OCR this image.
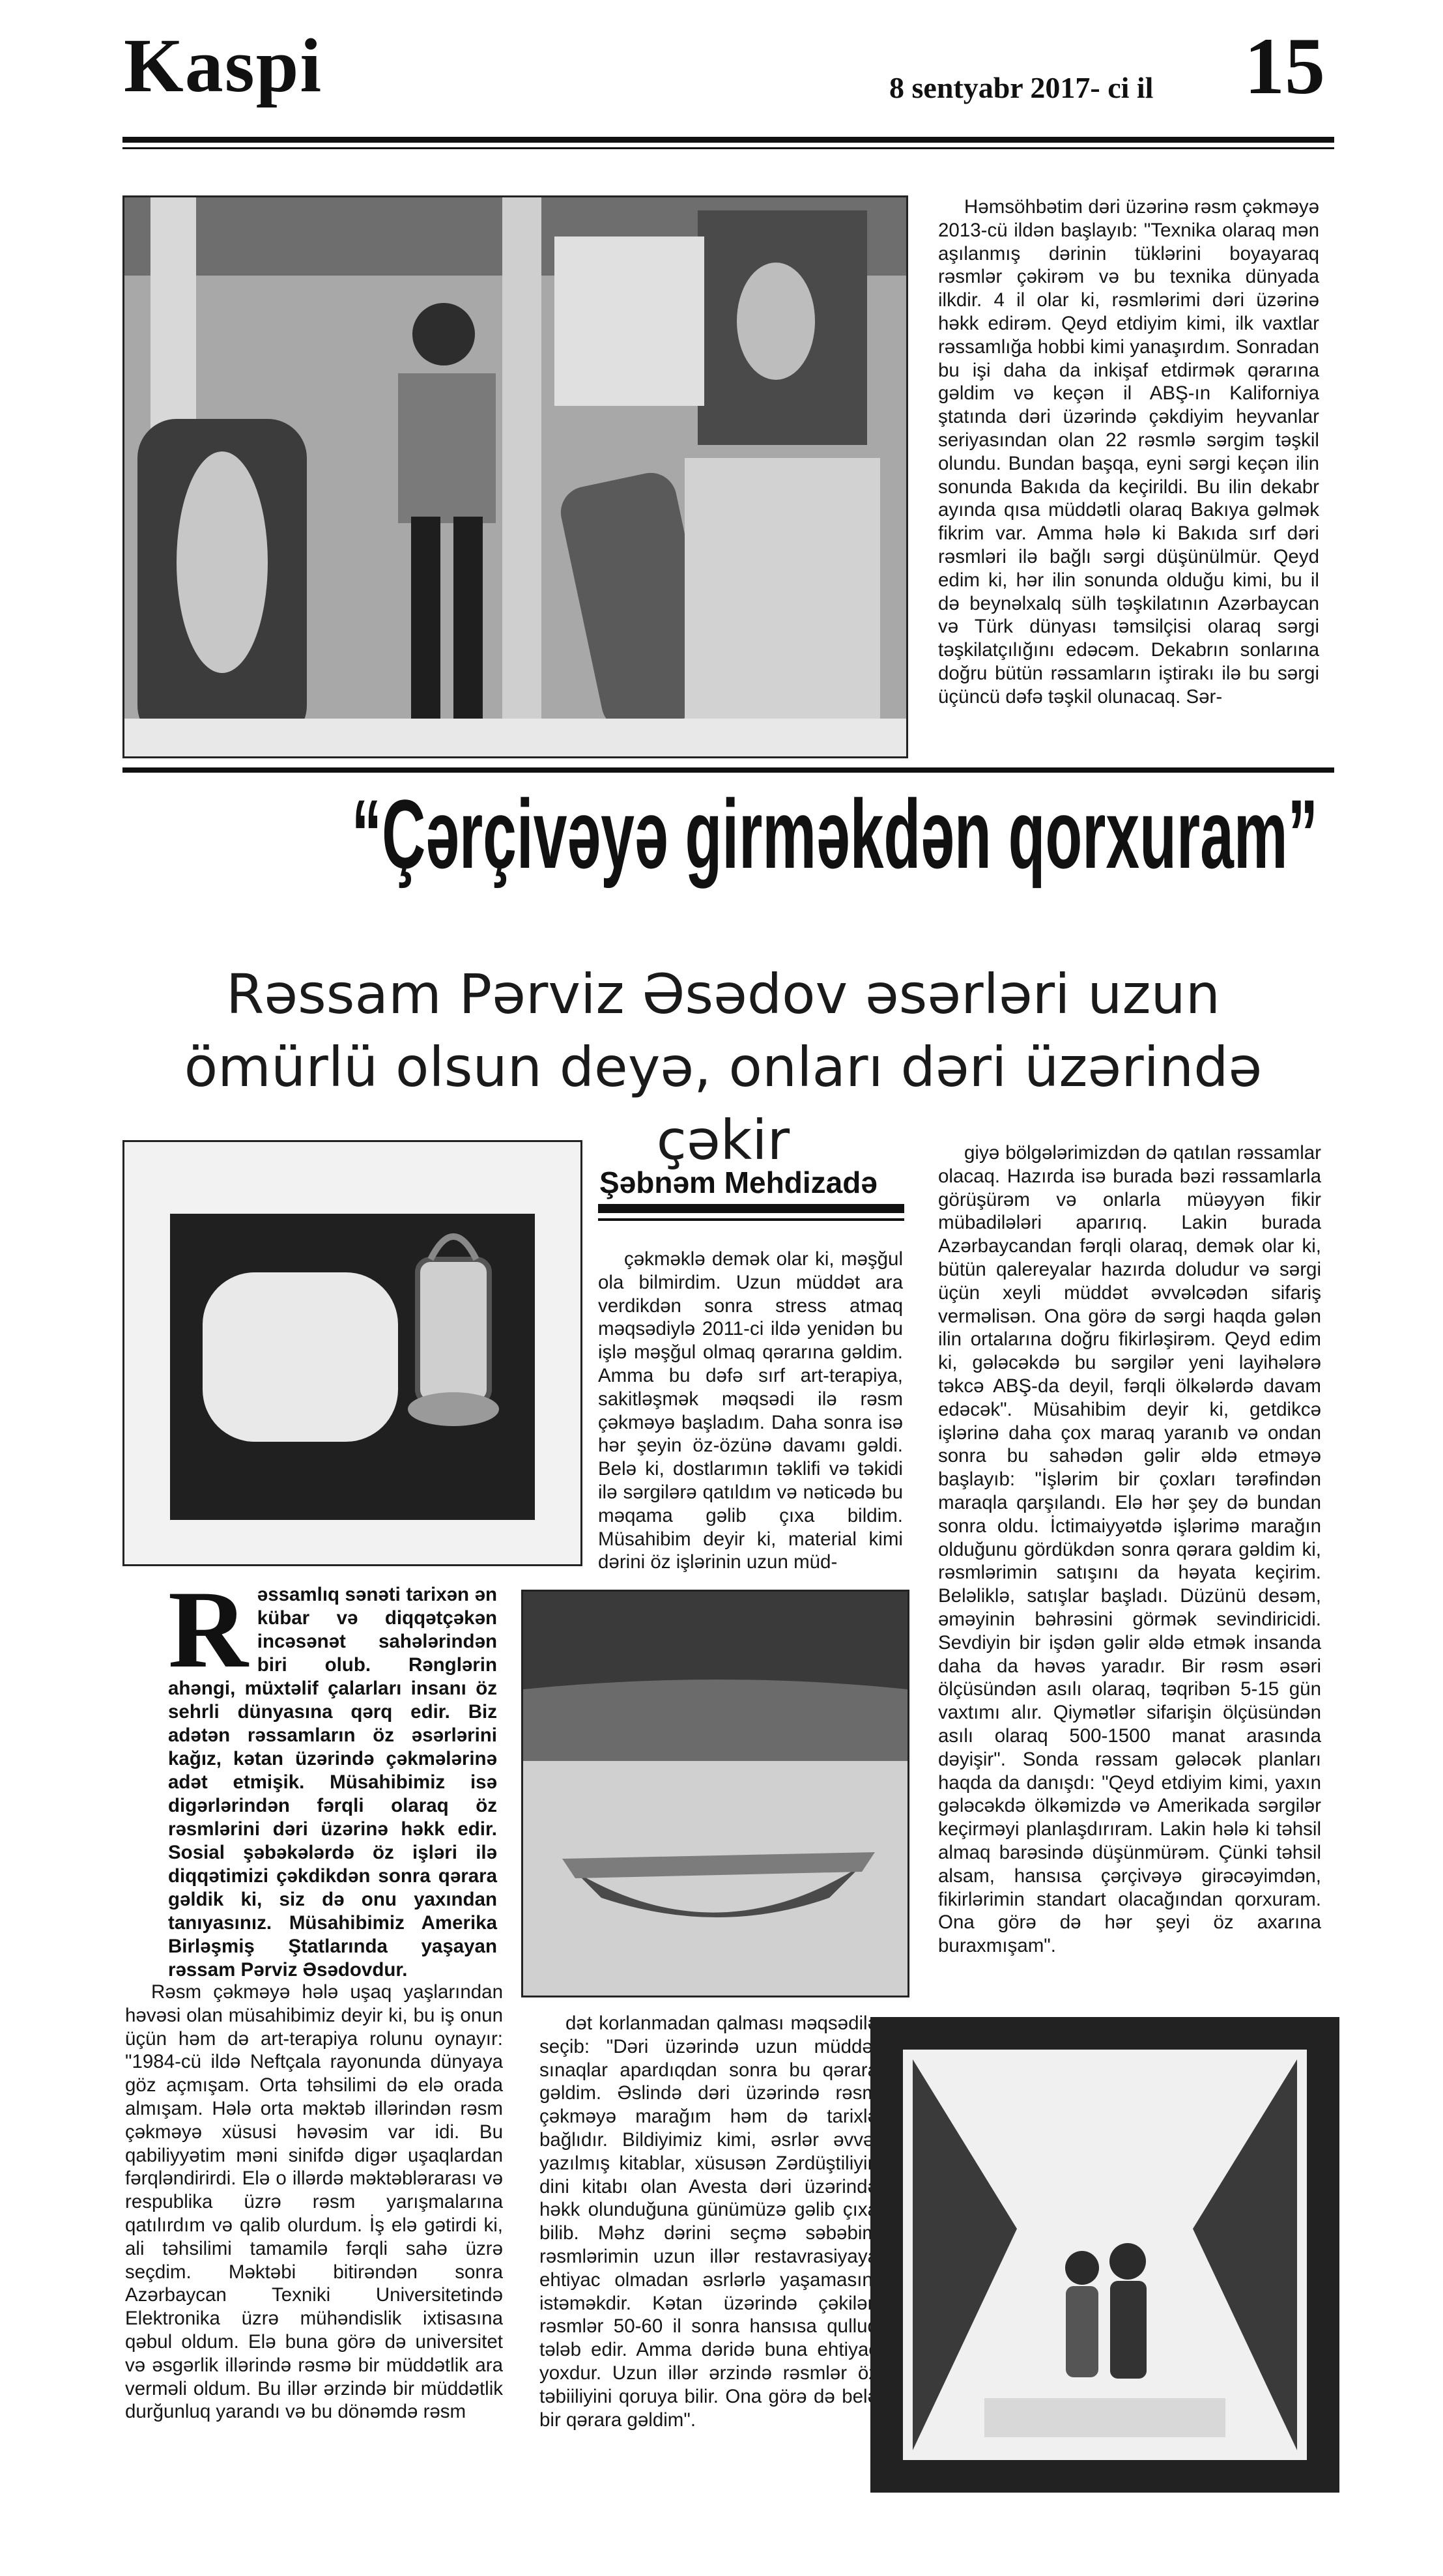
Kaspi	8 sentyabr 2017- ci il 15

Həmsöhbətim dəri üzərinə rəsm çəkməyə 2013-cü ildən başlayıb: "Texnika olaraq mən aşılanmış dərinin tüklərini boyayaraq rəsmlər çəkirəm və bu texnika dünyada ilkdir. 4 il olar ki, rəsmlərimi dəri üzərinə həkk edirəm. Qeyd etdiyim kimi, ilk vaxtlar rəssamlığa hobbi kimi yanaşırdım. Sonradan bu işi daha da inkişaf etdirmək qərarına gəldim və keçən il ABŞ-ın Kaliforniya ştatında dəri üzərində çəkdiyim heyvanlar seriyasından olan 22 rəsmlə sərgim təşkil olundu. Bundan başqa, eyni sərgi keçən ilin sonunda Bakıda da keçirildi. Bu ilin dekabr ayında qısa müddətli olaraq Bakıya gəlmək fikrim var. Amma hələ ki Bakıda sırf dəri rəsmləri ilə bağlı sərgi düşünülmür. Qeyd edim ki, hər ilin sonunda olduğu kimi, bu il də beynəlxalq sülh təşkilatının Azərbaycan və Türk dünyası təmsilçisi olaraq sərgi təşkilatçılığını edəcəm. Dekabrın sonlarına doğru bütün rəssamların iştirakı ilə bu sərgi üçüncü dəfə təşkil olunacaq. Sər-

“Çərçivəyə girməkdən qorxuram”
Rəssam Pərviz Əsədov əsərləri uzun ömürlü olsun deyə, onları dəri üzərində çəkir
Şəbnəm Mehdizadə

çəkməklə demək olar ki, məşğul ola bilmirdim. Uzun müddət ara verdikdən sonra stress atmaq məqsədiylə 2011-ci ildə yenidən bu işlə məşğul olmaq qərarına gəldim. Amma bu dəfə sırf art-terapiya, sakitləşmək məqsədi ilə rəsm çəkməyə başladım. Daha sonra isə hər şeyin öz-özünə davamı gəldi. Belə ki, dostlarımın təklifi və təkidi ilə sərgilərə qatıldım və nəticədə bu məqama gəlib çıxa bildim. Müsahibim deyir ki, material kimi dərini öz işlərinin uzun müd-

R əssamlıq sənəti tarixən ən kübar və diqqətçəkən incəsənət sahələrindən biri olub. Rənglərin ahəngi, müxtəlif çalarları insanı öz sehrli dünyasına qərq edir. Biz adətən rəssamların öz əsərlərini kağız, kətan üzərində çəkmələrinə adət etmişik. Müsahibimiz isə digərlərindən fərqli olaraq öz rəsmlərini dəri üzərinə həkk edir. Sosial şəbəkələrdə öz işləri ilə diqqətimizi çəkdikdən sonra qərara gəldik ki, siz də onu yaxından tanıyasınız. Müsahibimiz Amerika Birləşmiş Ştatlarında yaşayan rəssam Pərviz Əsədovdur.

giyə bölgələrimizdən də qatılan rəssamlar olacaq. Hazırda isə burada bəzi rəssamlarla görüşürəm və onlarla müəyyən fikir mübadilələri aparırıq. Lakin burada Azərbaycandan fərqli olaraq, demək olar ki, bütün qalereyalar hazırda doludur və sərgi üçün xeyli müddət əvvəlcədən sifariş verməlisən. Ona görə də sərgi haqda gələn ilin ortalarına doğru fikirləşirəm. Qeyd edim ki, gələcəkdə bu sərgilər yeni layihələrə təkcə ABŞ-da deyil, fərqli ölkələrdə davam edəcək". Müsahibim deyir ki, getdikcə işlərinə daha çox maraq yaranıb və ondan sonra bu sahədən gəlir əldə etməyə başlayıb: "İşlərim bir çoxları tərəfindən maraqla qarşılandı. Elə hər şey də bundan sonra oldu. İctimaiyyətdə işlərimə marağın olduğunu gördükdən sonra qərara gəldim ki, rəsmlərimin satışını da həyata keçirim. Beləliklə, satışlar başladı. Düzünü desəm, əməyinin bəhrəsini görmək sevindiricidi. Sevdiyin bir işdən gəlir əldə etmək insanda daha da həvəs yaradır. Bir rəsm əsəri ölçüsündən asılı olaraq, təqribən 5-15 gün vaxtımı alır. Qiymətlər sifarişin ölçüsündən asılı olaraq 500-1500 manat arasında dəyişir". Sonda rəssam gələcək planları haqda da danışdı: "Qeyd etdiyim kimi, yaxın gələcəkdə ölkəmizdə və Amerikada sərgilər keçirməyi planlaşdırıram. Lakin hələ ki təhsil almaq barəsində düşünmürəm. Çünki təhsil alsam, hansısa çərçivəyə girəcəyimdən, fikirlərimin standart olacağından qorxuram. Ona görə də hər şeyi öz axarına buraxmışam".

Rəsm çəkməyə hələ uşaq yaşlarından həvəsi olan müsahibimiz deyir ki, bu iş onun üçün həm də art-terapiya rolunu oynayır: "1984-cü ildə Neftçala rayonunda dünyaya göz açmışam. Orta təhsilimi də elə orada almışam. Hələ orta məktəb illərindən rəsm çəkməyə xüsusi həvəsim var idi. Bu qabiliyyətim məni sinifdə digər uşaqlardan fərqləndirirdi. Elə o illərdə məktəblərarası və respublika üzrə rəsm yarışmalarına qatılırdım və qalib olurdum. İş elə gətirdi ki, ali təhsilimi tamamilə fərqli sahə üzrə seçdim. Məktəbi bitirəndən sonra Azərbaycan Texniki Universitetində Elektronika üzrə mühəndislik ixtisasına qəbul oldum. Elə buna görə də universitet və əsgərlik illərində rəsmə bir müddətlik ara verməli oldum. Bu illər ərzində bir müddətlik durğunluq yarandı və bu dönəmdə rəsm

dət korlanmadan qalması məqsədilə seçib: "Dəri üzərində uzun müddət sınaqlar apardıqdan sonra bu qərara gəldim. Əslində dəri üzərində rəsm çəkməyə marağım həm də tarixlə bağlıdır. Bildiyimiz kimi, əsrlər əvvəl yazılmış kitablar, xüsusən Zərdüştiliyin dini kitabı olan Avesta dəri üzərində həkk olunduğuna günümüzə gəlib çıxa bilib. Məhz dərini seçmə səbəbim rəsmlərimin uzun illər restavrasiyaya ehtiyac olmadan əsrlərlə yaşamasını istəməkdir. Kətan üzərində çəkilən rəsmlər 50-60 il sonra hansısa qulluq tələb edir. Amma dəridə buna ehtiyac yoxdur. Uzun illər ərzində rəsmlər öz təbiiliyini qoruya bilir. Ona görə də belə bir qərara gəldim".
